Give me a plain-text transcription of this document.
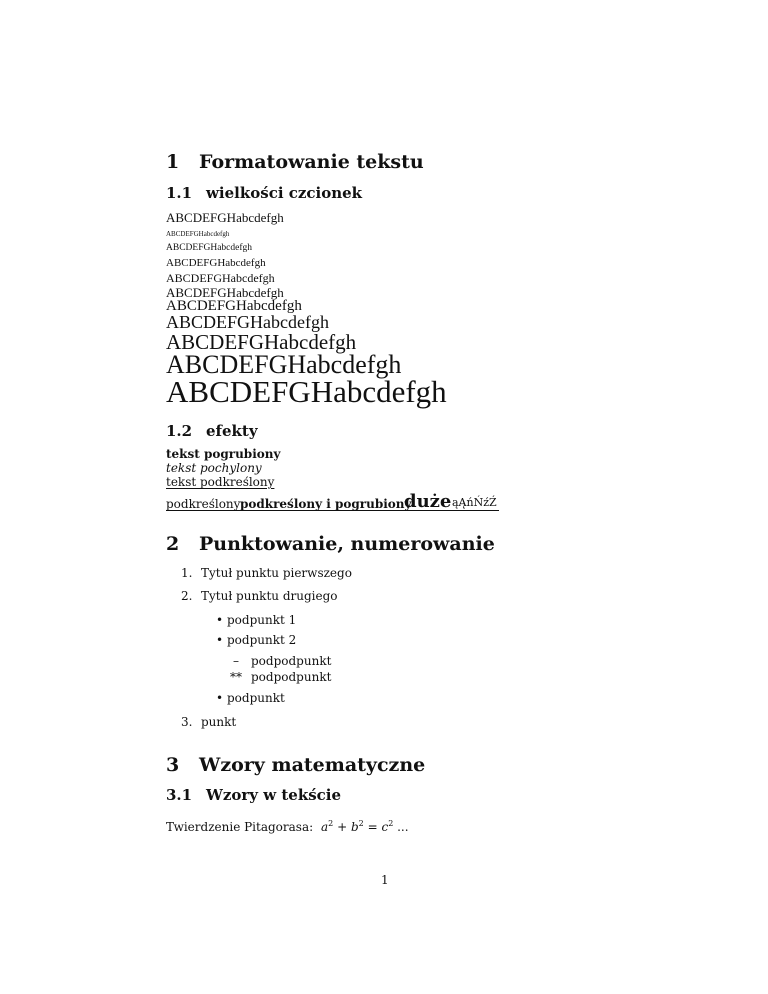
1 Formatowanie tekstu
1.1 wielkości czcionek
ABCDEFGHabcdefgh
ABCDEFGHabcdefgh
ABCDEFGHabcdefgh
ABCDEFGHabcdefgh
ABCDEFGHabcdefgh
ABCDEFGHabcdefgh
ABCDEFGHabcdefgh
ABCDEFGHabcdefgh
ABCDEFGHabcdefgh
ABCDEFGHabcdefgh
ABCDEFGHabcdefgh
1.2 efekty
tekst pogrubiony
tekst pochylony
tekst podkreślony
podkreślony podkreślony i pogrubiony
duże ąĄńŃźŹ
2 Punktowanie, numerowanie
1. Tytuł punktu pierwszego
2. Tytuł punktu drugiego
• podpunkt 1
• podpunkt 2
– podpodpunkt
** podpodpunkt
• podpunkt
3. punkt
3 Wzory matematyczne
3.1 Wzory w tekście
Twierdzenie Pitagorasa: $a^2 + b^2 = c^2$ ...
1
